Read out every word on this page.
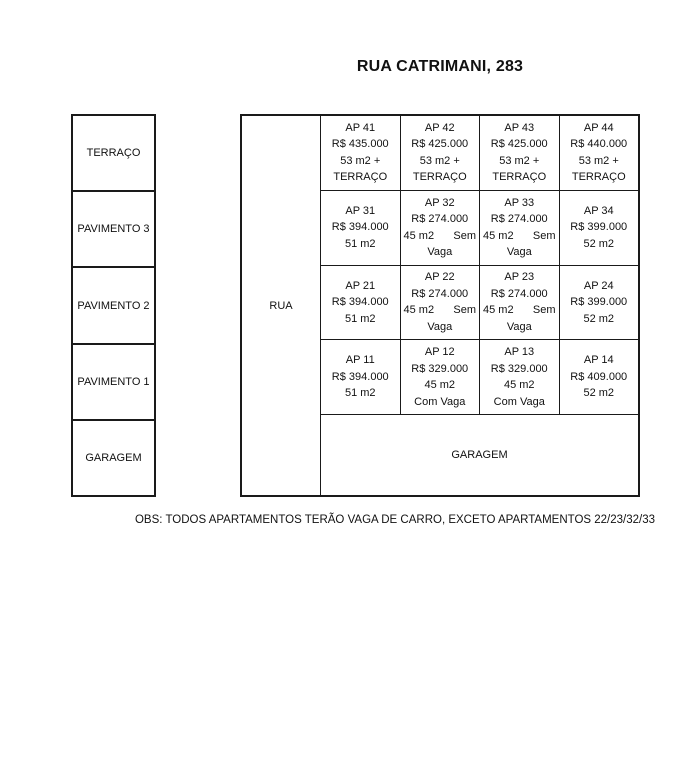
RUA CATRIMANI, 283
TERRAÇO
PAVIMENTO 3
PAVIMENTO 2
PAVIMENTO 1
GARAGEM
RUA
GARAGEM
AP 41
R$ 435.000
53 m2 +
TERRAÇO
AP 42
R$ 425.000
53 m2 +
TERRAÇO
AP 43
R$ 425.000
53 m2 +
TERRAÇO
AP 44
R$ 440.000
53 m2 +
TERRAÇO
AP 31
R$ 394.000
51 m2
AP 32
R$ 274.000
45 m2 Sem
Vaga
AP 33
R$ 274.000
45 m2 Sem
Vaga
AP 34
R$ 399.000
52 m2
AP 21
R$ 394.000
51 m2
AP 22
R$ 274.000
45 m2 Sem
Vaga
AP 23
R$ 274.000
45 m2 Sem
Vaga
AP 24
R$ 399.000
52 m2
AP 11
R$ 394.000
51 m2
AP 12
R$ 329.000
45 m2
Com Vaga
AP 13
R$ 329.000
45 m2
Com Vaga
AP 14
R$ 409.000
52 m2
OBS: TODOS APARTAMENTOS TERÃO VAGA DE CARRO, EXCETO APARTAMENTOS 22/23/32/33
